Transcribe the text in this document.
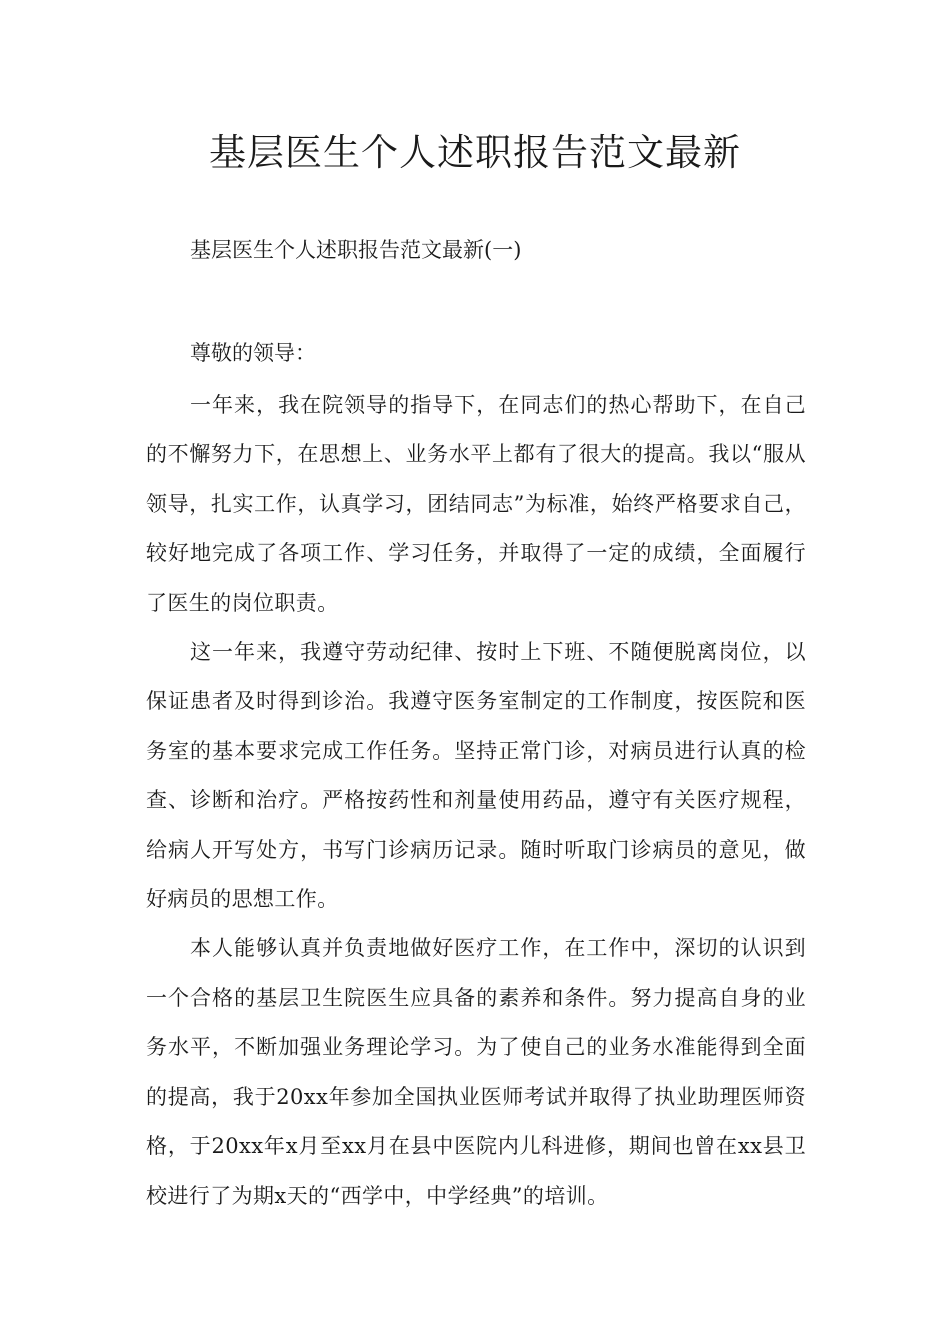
基层医生个人述职报告范文最新

基层医生个人述职报告范文最新(一)

尊敬的领导：

一年来，我在院领导的指导下，在同志们的热心帮助下，在自己的不懈努力下，在思想上、业务水平上都有了很大的提高。我以“服从领导，扎实工作，认真学习，团结同志”为标准，始终严格要求自己，较好地完成了各项工作、学习任务，并取得了一定的成绩，全面履行了医生的岗位职责。

这一年来，我遵守劳动纪律、按时上下班、不随便脱离岗位，以保证患者及时得到诊治。我遵守医务室制定的工作制度，按医院和医务室的基本要求完成工作任务。坚持正常门诊，对病员进行认真的检查、诊断和治疗。严格按药性和剂量使用药品，遵守有关医疗规程，给病人开写处方，书写门诊病历记录。随时听取门诊病员的意见，做好病员的思想工作。

本人能够认真并负责地做好医疗工作，在工作中，深切的认识到一个合格的基层卫生院医生应具备的素养和条件。努力提高自身的业务水平，不断加强业务理论学习。为了使自己的业务水准能得到全面的提高，我于20xx年参加全国执业医师考试并取得了执业助理医师资格，于20xx年x月至xx月在县中医院内儿科进修，期间也曾在xx县卫校进行了为期x天的“西学中，中学经典”的培训。
